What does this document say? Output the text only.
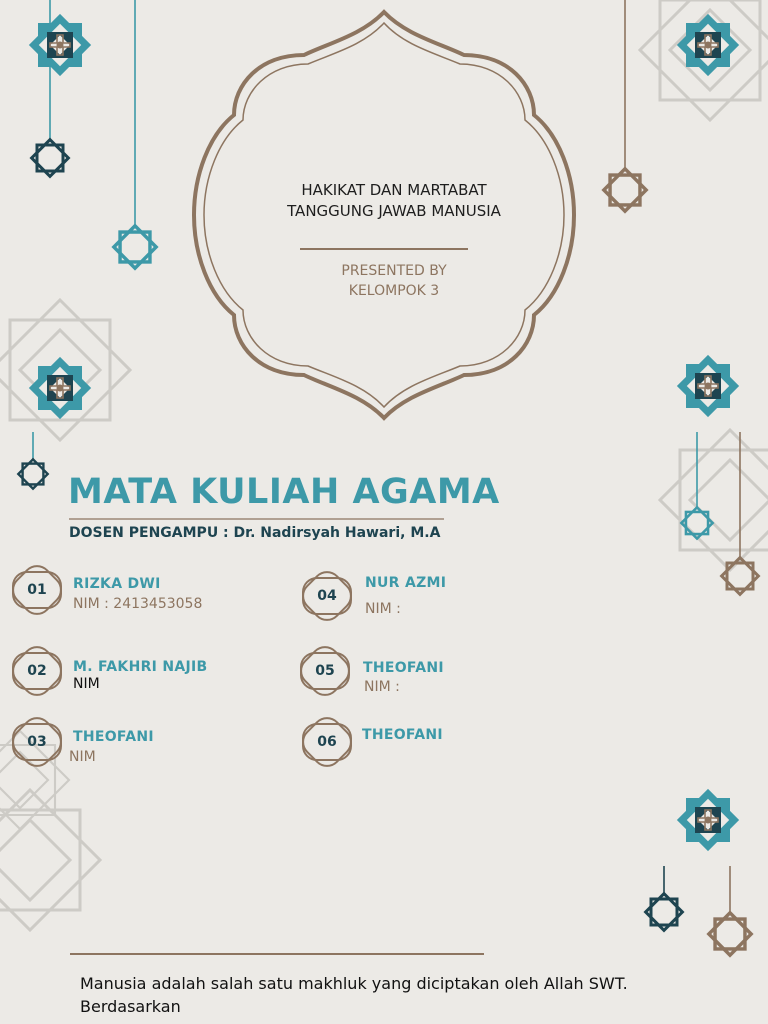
HAKIKAT DAN MARTABAT
TANGGUNG JAWAB MANUSIA
PRESENTED BY
KELOMPOK 3
MATA KULIAH AGAMA
DOSEN PENGAMPU : Dr. Nadirsyah Hawari, M.A
01	RIZKA DWI
NIM : 2413453058
02	M. FAKHRI NAJIB
NIM
03	THEOFANI
NIM
04
NUR AZMI
NIM :
05	THEOFANI
NIM :
06	THEOFANI
Manusia adalah salah satu makhluk yang diciptakan oleh Allah SWT.
Berdasarkan
